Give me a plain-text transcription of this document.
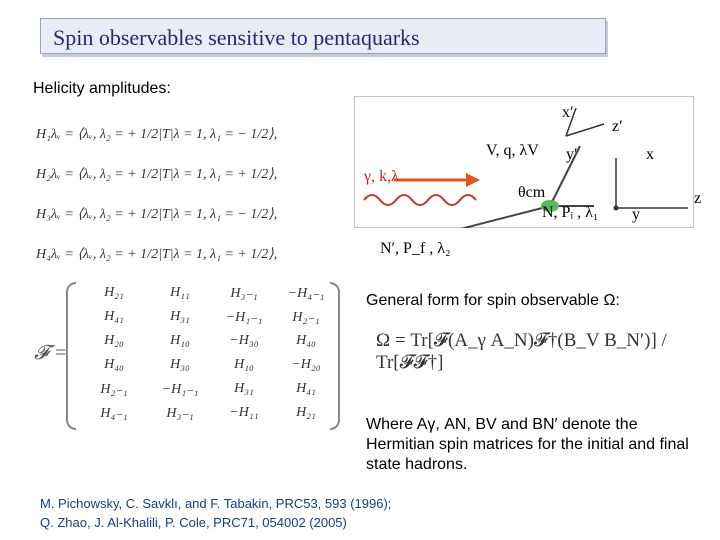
Spin observables sensitive to pentaquarks
Helicity amplitudes:
H₁λᵥ = ⟨λᵥ, λ₂ = + 1/2|T|λ = 1, λ₁ = − 1/2⟩,
H₂λᵥ = ⟨λᵥ, λ₂ = + 1/2|T|λ = 1, λ₁ = + 1/2⟩,
H₃λᵥ = ⟨λᵥ, λ₂ = + 1/2|T|λ = 1, λ₁ = − 1/2⟩,
H₄λᵥ = ⟨λᵥ, λ₂ = + 1/2|T|λ = 1, λ₁ = + 1/2⟩,
𝓕 =
H₂₁	H₁₁	H₃₋₁	−H₄₋₁
H₄₁	H₃₁	−H₁₋₁	H₂₋₁
H₂₀	H₁₀	−H₃₀	H₄₀
H₄₀	H₃₀	H₁₀	−H₂₀
H₂₋₁	−H₁₋₁	H₃₁	H₄₁
H₄₋₁	H₃₋₁	−H₁₁	H₂₁
γ, k,λ
V, q, λV
N, Pᵢ , λ₁
N′, P_f , λ₂
θcm
x′
z′
y′	x
y
z
General form for spin observable Ω:
Ω = Tr[𝓕(A_γ A_N)𝓕†(B_V B_N′)] / Tr[𝓕𝓕†]
Where Aγ, AN, BV and BN′ denote the Hermitian spin matrices for the initial and final state hadrons.
M. Pichowsky, C. Savklı, and F. Tabakin, PRC53, 593 (1996);
Q. Zhao, J. Al-Khalili, P. Cole, PRC71, 054002 (2005)
